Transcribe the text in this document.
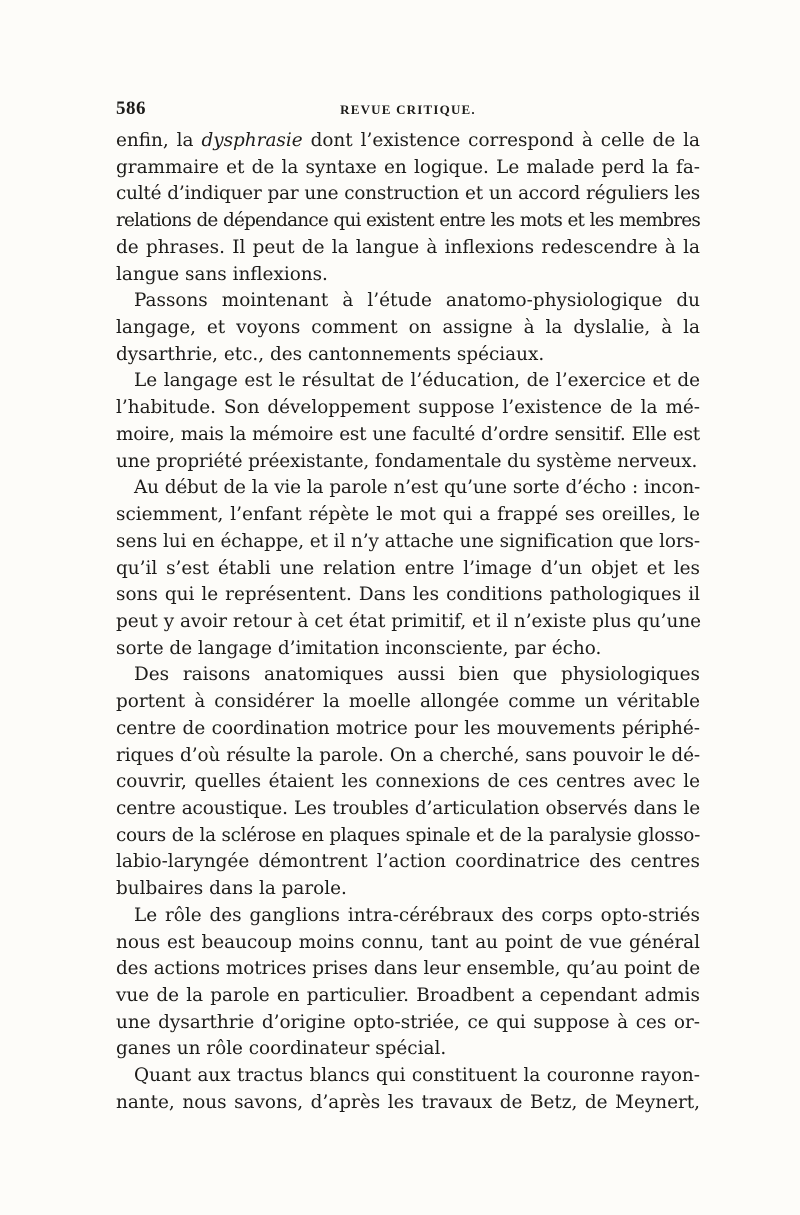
586	REVUE CRITIQUE.
enfin, la dysphrasie dont l’existence correspond à celle de la
grammaire et de la syntaxe en logique. Le malade perd la fa-
culté d’indiquer par une construction et un accord réguliers les
relations de dépendance qui existent entre les mots et les membres
de phrases. Il peut de la langue à inflexions redescendre à la
langue sans inflexions.
Passons mointenant à l’étude anatomo-physiologique du
langage, et voyons comment on assigne à la dyslalie, à la
dysarthrie, etc., des cantonnements spéciaux.
Le langage est le résultat de l’éducation, de l’exercice et de
l’habitude. Son développement suppose l’existence de la mé-
moire, mais la mémoire est une faculté d’ordre sensitif. Elle est
une propriété préexistante, fondamentale du système nerveux.
Au début de la vie la parole n’est qu’une sorte d’écho : incon-
sciemment, l’enfant répète le mot qui a frappé ses oreilles, le
sens lui en échappe, et il n’y attache une signification que lors-
qu’il s’est établi une relation entre l’image d’un objet et les
sons qui le représentent. Dans les conditions pathologiques il
peut y avoir retour à cet état primitif, et il n’existe plus qu’une
sorte de langage d’imitation inconsciente, par écho.
Des raisons anatomiques aussi bien que physiologiques
portent à considérer la moelle allongée comme un véritable
centre de coordination motrice pour les mouvements périphé-
riques d’où résulte la parole. On a cherché, sans pouvoir le dé-
couvrir, quelles étaient les connexions de ces centres avec le
centre acoustique. Les troubles d’articulation observés dans le
cours de la sclérose en plaques spinale et de la paralysie glosso-
labio-laryngée démontrent l’action coordinatrice des centres
bulbaires dans la parole.
Le rôle des ganglions intra-cérébraux des corps opto-striés
nous est beaucoup moins connu, tant au point de vue général
des actions motrices prises dans leur ensemble, qu’au point de
vue de la parole en particulier. Broadbent a cependant admis
une dysarthrie d’origine opto-striée, ce qui suppose à ces or-
ganes un rôle coordinateur spécial.
Quant aux tractus blancs qui constituent la couronne rayon-
nante, nous savons, d’après les travaux de Betz, de Meynert,
